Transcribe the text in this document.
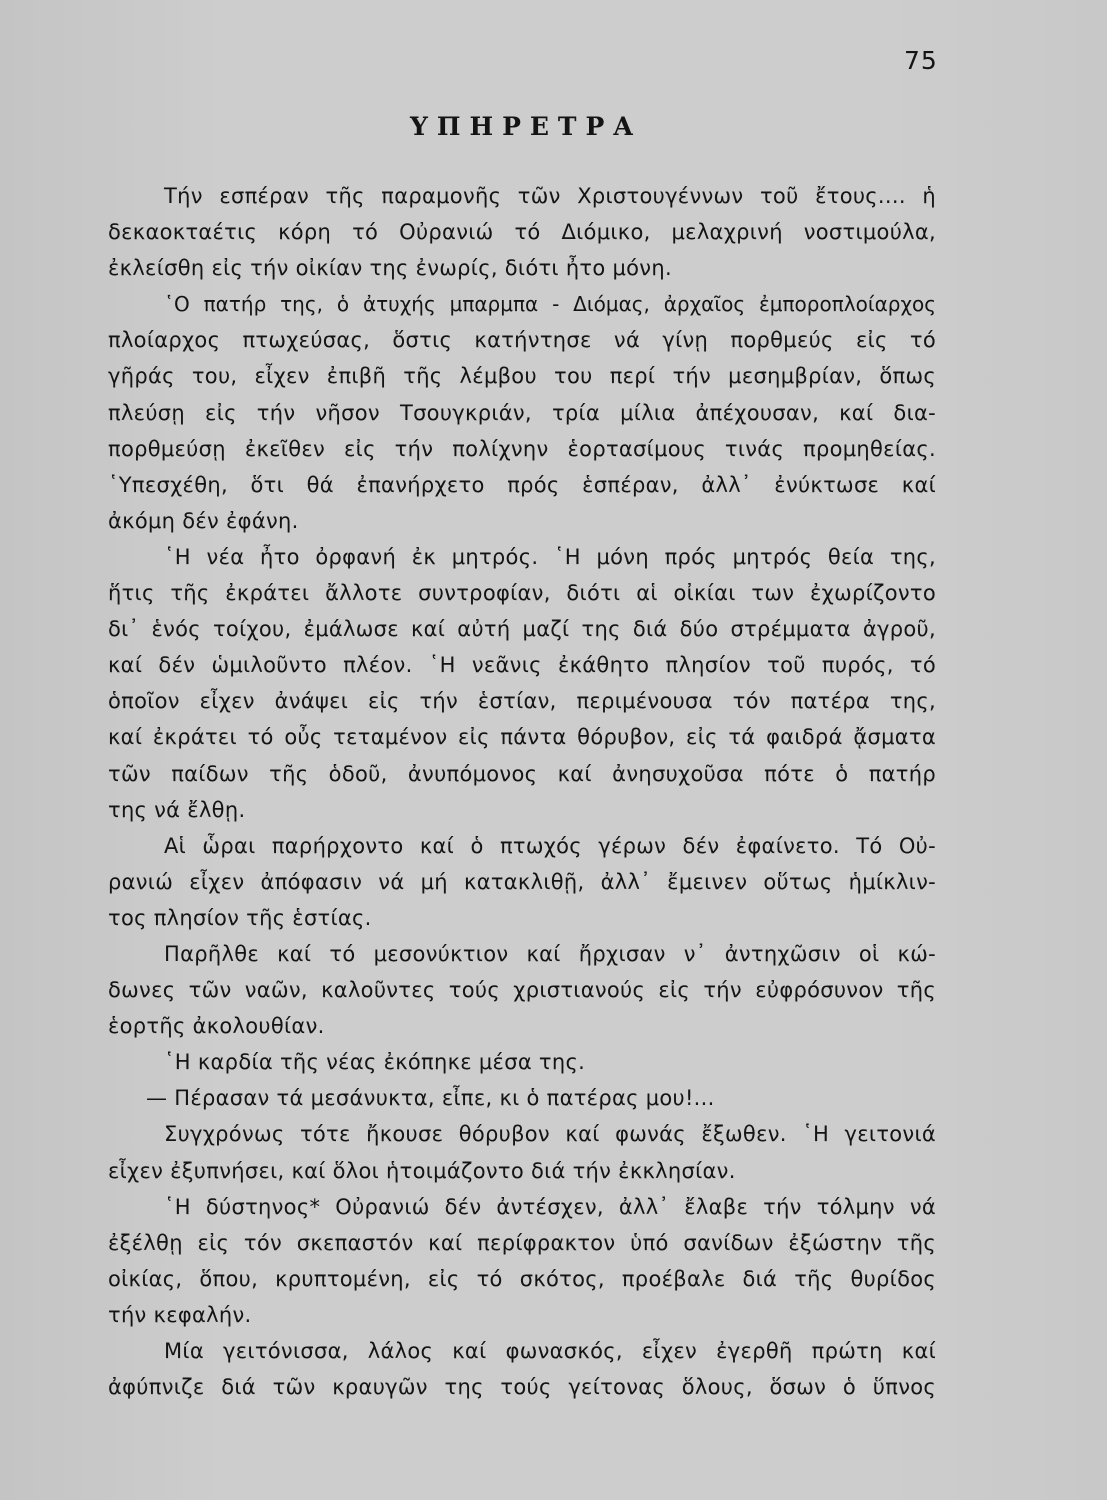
75
ΥΠΗΡΕΤΡΑ
Τήν εσπέραν τῆς παραμονῆς τῶν Χριστουγέννων τοῦ ἔτους.... ἡ
δεκαοκταέτις κόρη τό Οὐρανιώ τό Διόμικο, μελαχρινή νοστιμούλα,
ἐκλείσθη εἰς τήν οἰκίαν της ἐνωρίς, διότι ἦτο μόνη.
῾Ο πατήρ της, ὁ ἀτυχής μπαρμπα - Διόμας, ἀρχαῖος ἐμποροπλοίαρχος
πλοίαρχος πτωχεύσας, ὅστις κατήντησε νά γίνῃ πορθμεύς εἰς τό
γῆράς του, εἶχεν ἐπιβῆ τῆς λέμβου του περί τήν μεσημβρίαν, ὅπως
πλεύσῃ εἰς τήν νῆσον Τσουγκριάν, τρία μίλια ἀπέχουσαν, καί δια-
πορθμεύσῃ ἐκεῖθεν εἰς τήν πολίχνην ἑορτασίμους τινάς προμηθείας.
῾Υπεσχέθη, ὅτι θά ἐπανήρχετο πρός ἑσπέραν, ἀλλ᾿ ἐνύκτωσε καί
ἀκόμη δέν ἐφάνη.
῾Η νέα ἦτο ὀρφανή ἐκ μητρός. ῾Η μόνη πρός μητρός θεία της,
ἥτις τῆς ἐκράτει ἄλλοτε συντροφίαν, διότι αἱ οἰκίαι των ἐχωρίζοντο
δι᾿ ἑνός τοίχου, ἐμάλωσε καί αὐτή μαζί της διά δύο στρέμματα ἀγροῦ,
καί δέν ὡμιλοῦντο πλέον. ῾Η νεᾶνις ἐκάθητο πλησίον τοῦ πυρός, τό
ὁποῖον εἶχεν ἀνάψει εἰς τήν ἑστίαν, περιμένουσα τόν πατέρα της,
καί ἐκράτει τό οὖς τεταμένον εἰς πάντα θόρυβον, εἰς τά φαιδρά ᾄσματα
τῶν παίδων τῆς ὁδοῦ, ἀνυπόμονος καί ἀνησυχοῦσα πότε ὁ πατήρ
της νά ἔλθῃ.
Αἱ ὧραι παρήρχοντο καί ὁ πτωχός γέρων δέν ἐφαίνετο. Τό Οὐ-
ρανιώ εἶχεν ἀπόφασιν νά μή κατακλιθῇ, ἀλλ᾿ ἔμεινεν οὕτως ἡμίκλιν-
τος πλησίον τῆς ἑστίας.
Παρῆλθε καί τό μεσονύκτιον καί ἤρχισαν ν᾿ ἀντηχῶσιν οἱ κώ-
δωνες τῶν ναῶν, καλοῦντες τούς χριστιανούς εἰς τήν εὐφρόσυνον τῆς
ἑορτῆς ἀκολουθίαν.
῾Η καρδία τῆς νέας ἐκόπηκε μέσα της.
— Πέρασαν τά μεσάνυκτα, εἶπε, κι ὁ πατέρας μου!...
Συγχρόνως τότε ἤκουσε θόρυβον καί φωνάς ἔξωθεν. ῾Η γειτονιά
εἶχεν ἐξυπνήσει, καί ὅλοι ἡτοιμάζοντο διά τήν ἐκκλησίαν.
῾Η δύστηνος* Οὐρανιώ δέν ἀντέσχεν, ἀλλ᾿ ἔλαβε τήν τόλμην νά
ἐξέλθῃ εἰς τόν σκεπαστόν καί περίφρακτον ὑπό σανίδων ἐξώστην τῆς
οἰκίας, ὅπου, κρυπτομένη, εἰς τό σκότος, προέβαλε διά τῆς θυρίδος
τήν κεφαλήν.
Μία γειτόνισσα, λάλος καί φωνασκός, εἶχεν ἐγερθῆ πρώτη καί
ἀφύπνιζε διά τῶν κραυγῶν της τούς γείτονας ὅλους, ὅσων ὁ ὕπνος
